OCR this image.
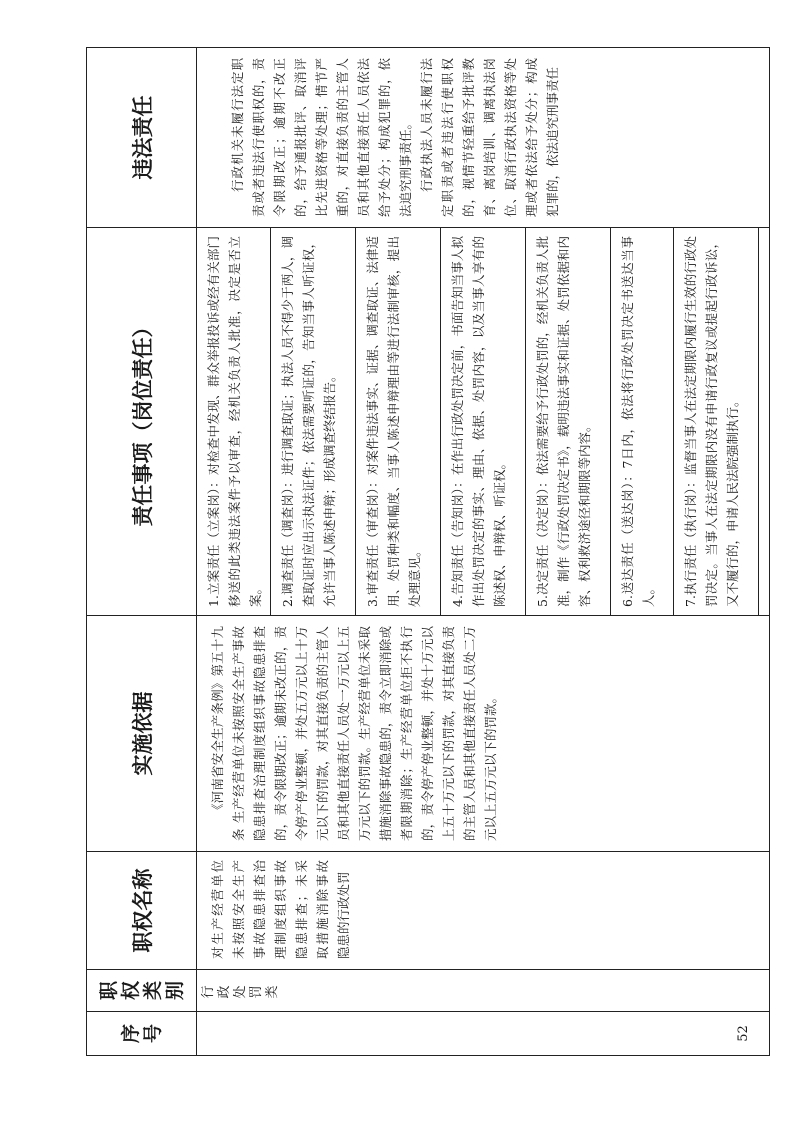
序号	职权类别	职权名称	实施依据	责任事项（岗位责任）	违法责任

52	行政处罚类	对生产经营单位未按照安全生产事故隐患排查治理制度组织事故隐患排查；未采取措施消除事故隐患的行政处罚	《河南省安全生产条例》第五十九条 生产经营单位未按照安全生产事故隐患排查治理制度组织事故隐患排查的，责令限期改正；逾期未改正的，责令停产停业整顿，并处五万元以上十万元以下的罚款，对其直接负责的主管人员和其他直接责任人员处一万元以上五万元以下的罚款。生产经营单位未采取措施消除事故隐患的，责令立即消除或者限期消除；生产经营单位拒不执行的，责令停产停业整顿，并处十万元以上五十万元以下的罚款，对其直接负责的主管人员和其他直接责任人员处二万元以上五万元以下的罚款。	1.立案责任（立案岗）：对检查中发现、群众举报投诉或经有关部门移送的此类违法案件予以审查，经机关负责人批准，决定是否立案。	行政机关未履行法定职责或者违法行使职权的，责令限期改正；逾期不改正的，给予通报批评、取消评比先进资格等处理；情节严重的，对直接负责的主管人员和其他直接责任人员依法给予处分；构成犯罪的，依法追究刑事责任。 行政执法人员未履行法定职责或者违法行使职权的，视情节轻重给予批评教育、离岗培训、调离执法岗位、取消行政执法资格等处理或者依法给予处分；构成犯罪的，依法追究刑事责任

				2.调查责任（调查岗）：进行调查取证；执法人员不得少于两人，调查取证时应出示执法证件；依法需要听证的，告知当事人听证权，允许当事人陈述申辩；形成调查终结报告。	

				3.审查责任（审查岗）：对案件违法事实、证据、调查取证、法律适用、处罚种类和幅度、当事人陈述申辩理由等进行法制审核，提出处理意见。	

				4.告知责任（告知岗）：在作出行政处罚决定前，书面告知当事人拟作出处罚决定的事实、理由、依据、处罚内容，以及当事人享有的陈述权、申辩权、听证权。	

				5.决定责任（决定岗）：依法需要给予行政处罚的，经机关负责人批准，制作《行政处罚决定书》，载明违法事实和证据、处罚依据和内容、权利救济途径和期限等内容。	

				6.送达责任（送达岗）：7日内，依法将行政处罚决定书送达当事人。	

				7.执行责任（执行岗）：监督当事人在法定期限内履行生效的行政处罚决定。当事人在法定期限内没有申请行政复议或提起行政诉讼，又不履行的，申请人民法院强制执行。	
